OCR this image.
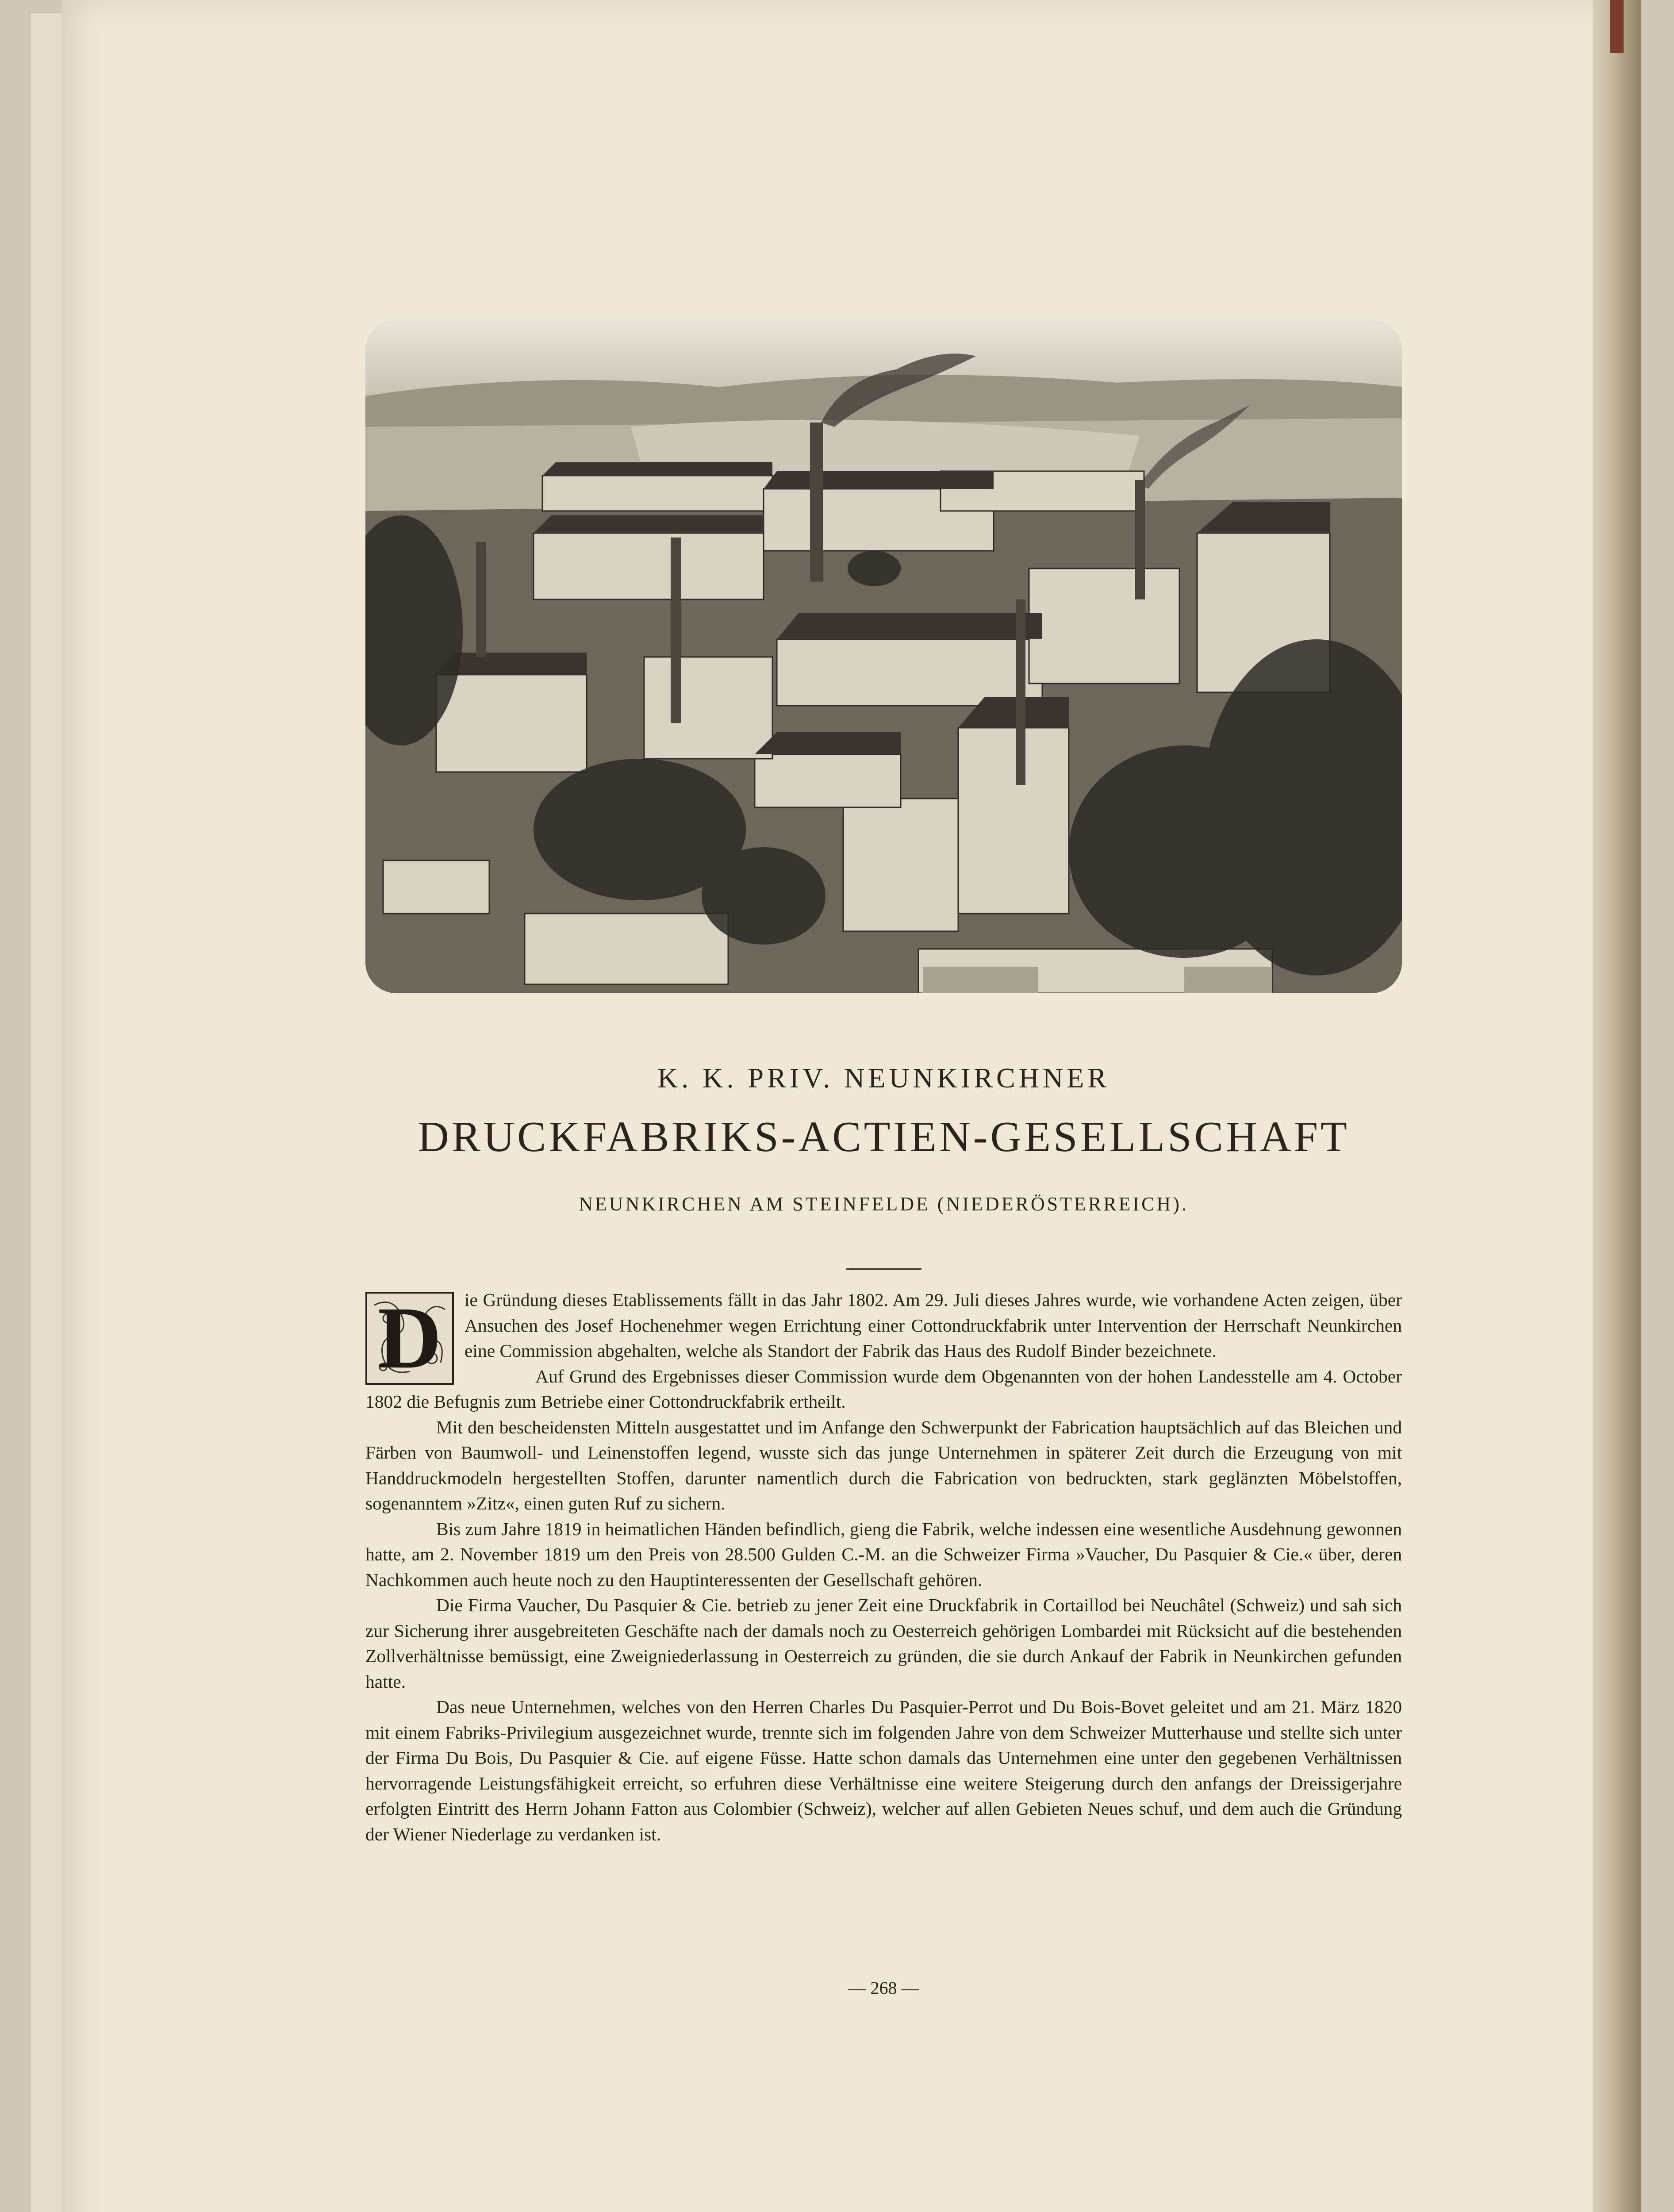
K. K. PRIV. NEUNKIRCHNER
DRUCKFABRIKS-ACTIEN-GESELLSCHAFT
NEUNKIRCHEN AM STEINFELDE (NIEDERÖSTERREICH).
D	ie Gründung dieses Etablissements fällt in das Jahr 1802. Am 29. Juli dieses Jahres wurde, wie vorhandene Acten zeigen, über Ansuchen des Josef Hochenehmer wegen Errichtung einer Cottondruckfabrik unter Intervention der Herrschaft Neunkirchen eine Commission abgehalten, welche als Standort der Fabrik das Haus des Rudolf Binder bezeichnete.

Auf Grund des Ergebnisses dieser Commission wurde dem Obgenannten von der hohen Landesstelle am 4. October 1802 die Befugnis zum Betriebe einer Cottondruckfabrik ertheilt.

Mit den bescheidensten Mitteln ausgestattet und im Anfange den Schwerpunkt der Fabrication hauptsächlich auf das Bleichen und Färben von Baumwoll- und Leinenstoffen legend, wusste sich das junge Unternehmen in späterer Zeit durch die Erzeugung von mit Handdruckmodeln hergestellten Stoffen, darunter namentlich durch die Fabrication von bedruckten, stark geglänzten Möbelstoffen, sogenanntem »Zitz«, einen guten Ruf zu sichern.

Bis zum Jahre 1819 in heimatlichen Händen befindlich, gieng die Fabrik, welche indessen eine wesentliche Ausdehnung gewonnen hatte, am 2. November 1819 um den Preis von 28.500 Gulden C.-M. an die Schweizer Firma »Vaucher, Du Pasquier & Cie.« über, deren Nachkommen auch heute noch zu den Hauptinteressenten der Gesellschaft gehören.

Die Firma Vaucher, Du Pasquier & Cie. betrieb zu jener Zeit eine Druckfabrik in Cortaillod bei Neuchâtel (Schweiz) und sah sich zur Sicherung ihrer ausgebreiteten Geschäfte nach der damals noch zu Oesterreich gehörigen Lombardei mit Rücksicht auf die bestehenden Zollverhältnisse bemüssigt, eine Zweigniederlassung in Oesterreich zu gründen, die sie durch Ankauf der Fabrik in Neunkirchen gefunden hatte.

Das neue Unternehmen, welches von den Herren Charles Du Pasquier-Perrot und Du Bois-Bovet geleitet und am 21. März 1820 mit einem Fabriks-Privilegium ausgezeichnet wurde, trennte sich im folgenden Jahre von dem Schweizer Mutterhause und stellte sich unter der Firma Du Bois, Du Pasquier & Cie. auf eigene Füsse. Hatte schon damals das Unternehmen eine unter den gegebenen Verhältnissen hervorragende Leistungsfähigkeit erreicht, so erfuhren diese Verhältnisse eine weitere Steigerung durch den anfangs der Dreissigerjahre erfolgten Eintritt des Herrn Johann Fatton aus Colombier (Schweiz), welcher auf allen Gebieten Neues schuf, und dem auch die Gründung der Wiener Niederlage zu verdanken ist.

— 268 —
